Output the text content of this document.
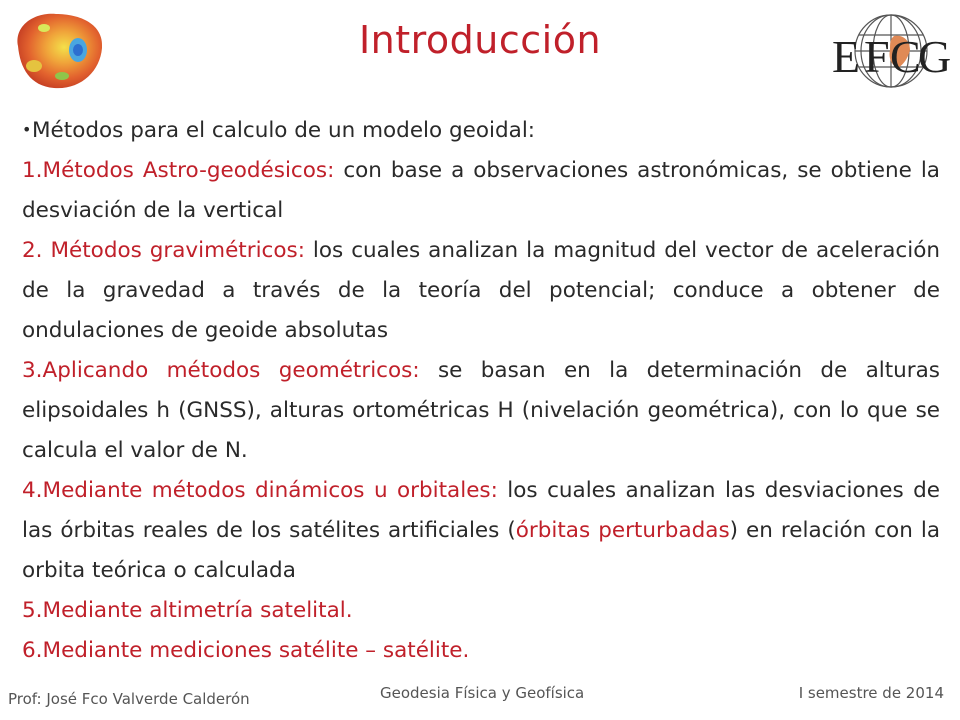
E F C
G
Introducción

•Métodos para el calculo de un modelo geoidal:

1.Métodos Astro-geodésicos: con base a observaciones astronómicas, se obtiene la desviación de la vertical

2. Métodos gravimétricos: los cuales analizan la magnitud del vector de aceleración de la gravedad a través de la teoría del potencial; conduce a obtener de ondulaciones de geoide absolutas

3.Aplicando métodos geométricos: se basan en la determinación de alturas elipsoidales h (GNSS), alturas ortométricas H (nivelación geométrica), con lo que se calcula el valor de N.

4.Mediante métodos dinámicos u orbitales: los cuales analizan las desviaciones de las órbitas reales de los satélites artificiales (órbitas perturbadas) en relación con la orbita teórica o calculada

5.Mediante altimetría satelital.

6.Mediante mediciones satélite – satélite.

Prof: José Fco Valverde Calderón	Geodesia Física y Geofísica	I semestre de 2014
